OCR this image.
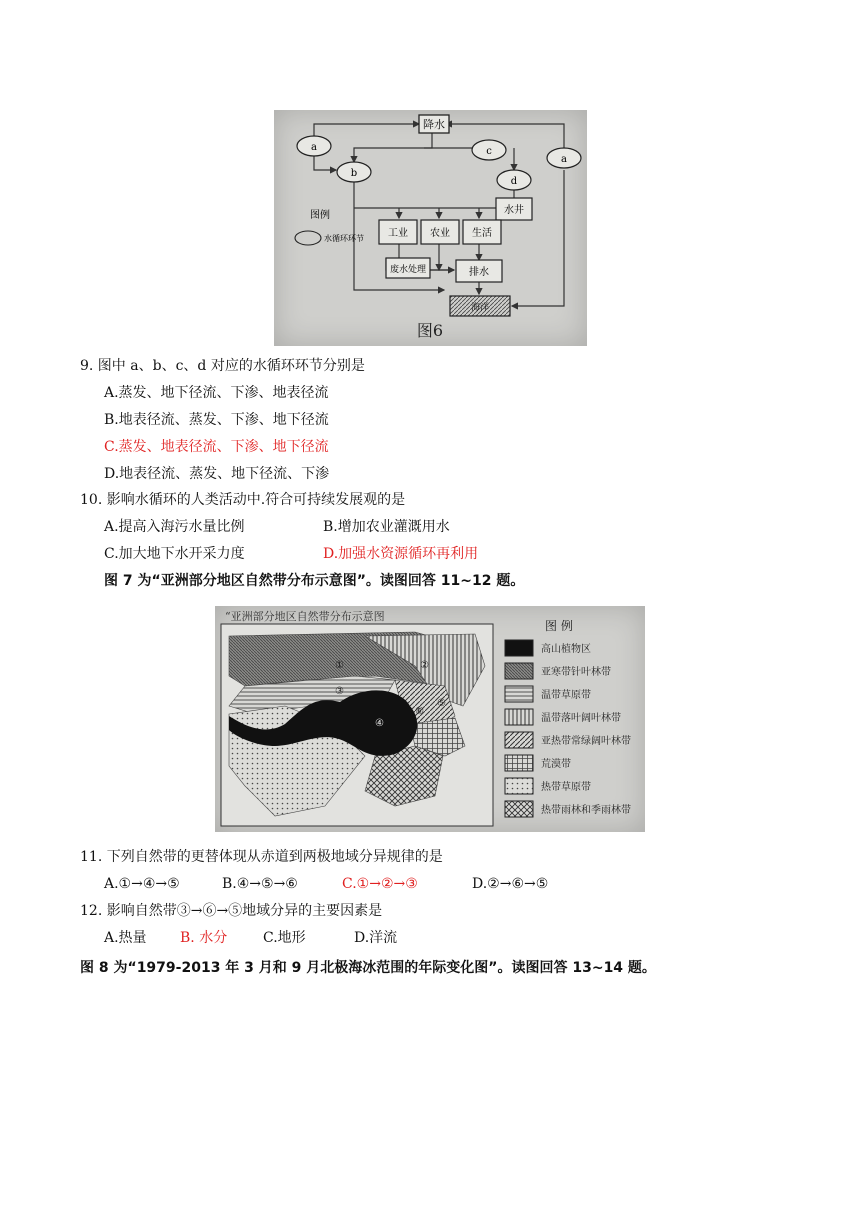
降水
a
b
c
a
d
水井
工业 农业 生活
废水处理	排水
海洋
图例
水循环环节
图6
9. 图中 a、b、c、d 对应的水循环环节分别是
A.蒸发、地下径流、下渗、地表径流
B.地表径流、蒸发、下渗、地下径流
C.蒸发、地表径流、下渗、地下径流
D.地表径流、蒸发、地下径流、下渗
10. 影响水循环的人类活动中.符合可持续发展观的是
A.提高入海污水量比例	B.增加农业灌溉用水
C.加大地下水开采力度	D.加强水资源循环再利用
图 7 为“亚洲部分地区自然带分布示意图”。读图回答 11~12 题。
“亚洲部分地区自然带分布示意图
④
①	②
③
⑤
⑥
图 例
高山植物区
亚寒带针叶林带
温带草原带
温带落叶阔叶林带
亚热带常绿阔叶林带
荒漠带
热带草原带
热带雨林和季雨林带
11. 下列自然带的更替体现从赤道到两极地域分异规律的是
A.①→④→⑤	B.④→⑤→⑥	C.①→②→③	D.②→⑥→⑤
12. 影响自然带③→⑥→⑤地域分异的主要因素是
A.热量 B. 水分	C.地形	D.洋流
图 8 为“1979-2013 年 3 月和 9 月北极海冰范围的年际变化图”。读图回答 13~14 题。
